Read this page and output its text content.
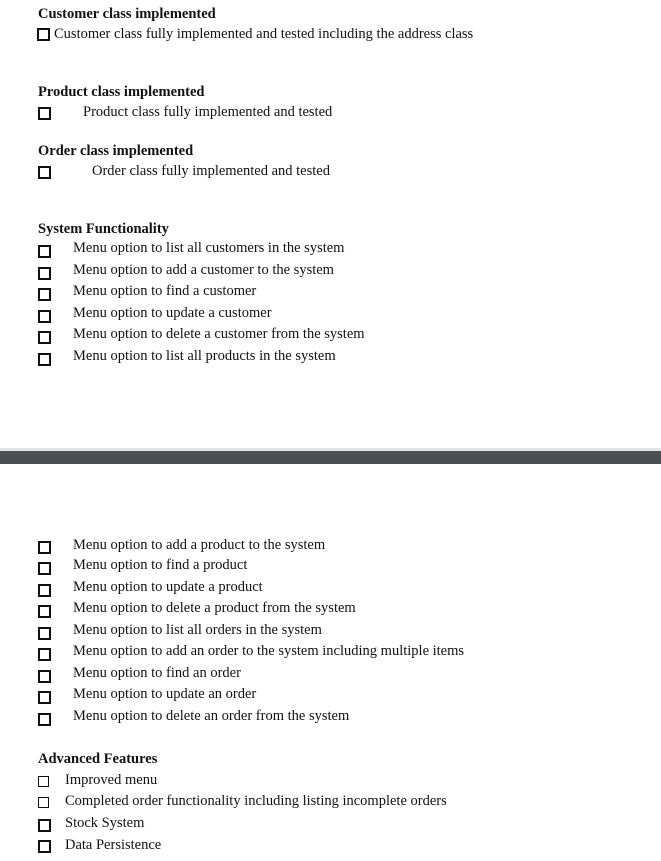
Customer class implemented
Customer class fully implemented and tested including the address class
Product class implemented
Product class fully implemented and tested
Order class implemented
Order class fully implemented and tested
System Functionality
Menu option to list all customers in the system
Menu option to add a customer to the system
Menu option to find a customer
Menu option to update a customer
Menu option to delete a customer from the system
Menu option to list all products in the system
Menu option to add a product to the system
Menu option to find a product
Menu option to update a product
Menu option to delete a product from the system
Menu option to list all orders in the system
Menu option to add an order to the system including multiple items
Menu option to find an order
Menu option to update an order
Menu option to delete an order from the system
Advanced Features
Improved menu
Completed order functionality including listing incomplete orders
Stock System
Data Persistence
